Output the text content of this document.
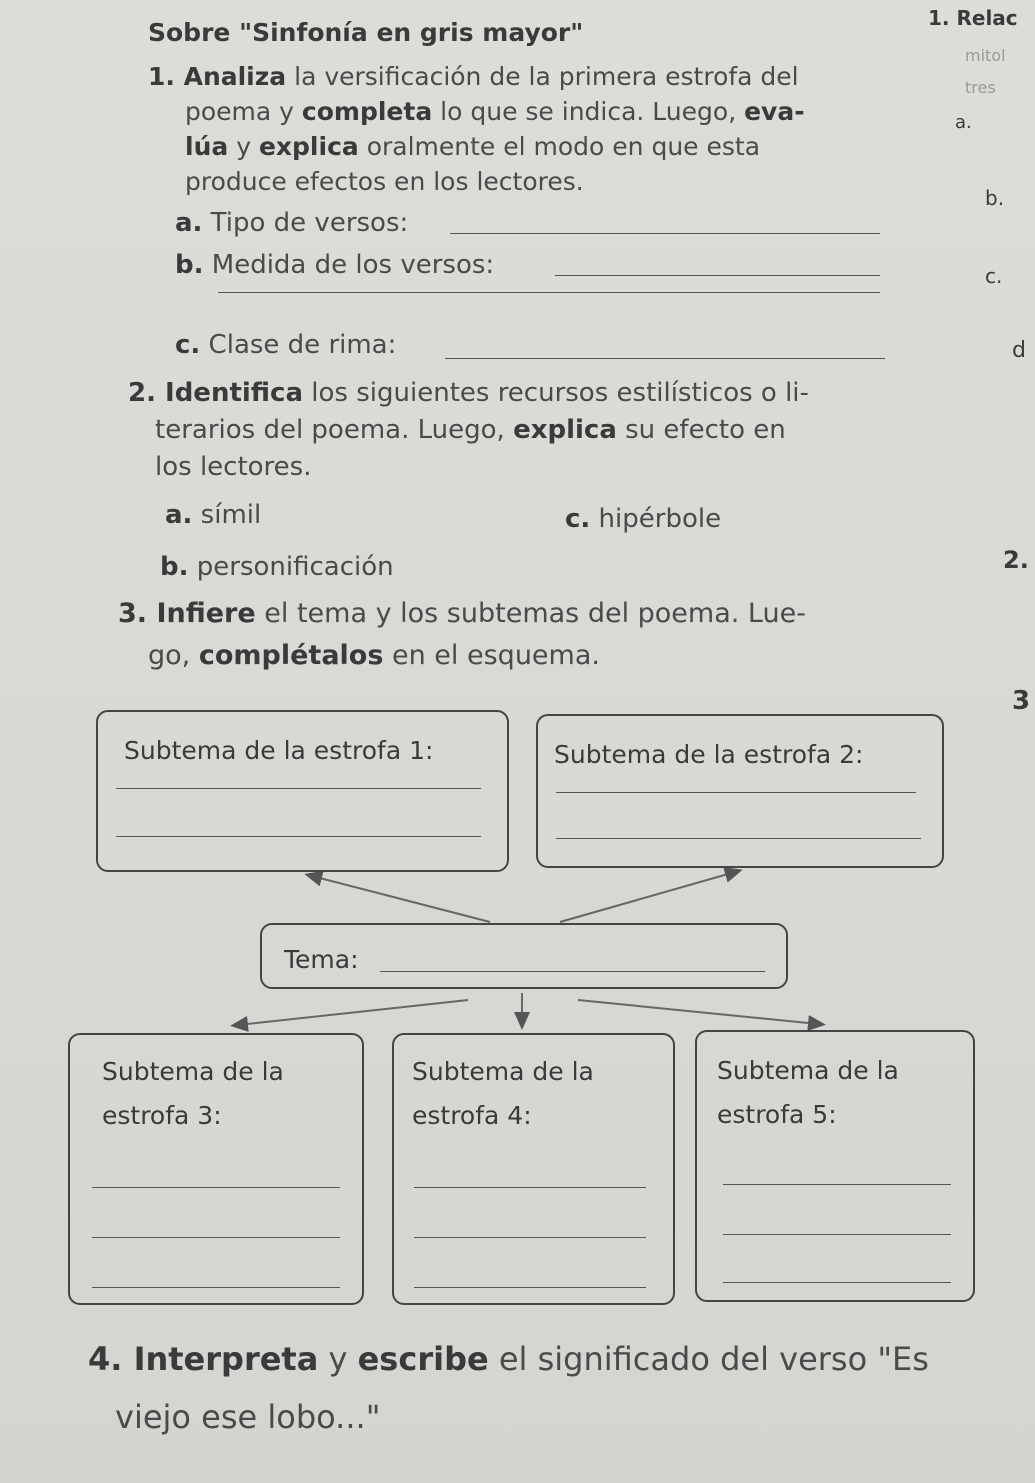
Sobre "Sinfonía en gris mayor"
1. Analiza la versificación de la primera estrofa del
poema y completa lo que se indica. Luego, eva-
lúa y explica oralmente el modo en que esta
produce efectos en los lectores.
a. Tipo de versos:
b. Medida de los versos:
c. Clase de rima:
2. Identifica los siguientes recursos estilísticos o li-
terarios del poema. Luego, explica su efecto en
los lectores.
a. símil	c. hipérbole
b. personificación
3. Infiere el tema y los subtemas del poema. Lue-
go, complétalos en el esquema.
Subtema de la estrofa 1:	Subtema de la estrofa 2:
Tema:
Subtema de la
estrofa 3:
Subtema de la
estrofa 4:
Subtema de la
estrofa 5:
4. Interpreta y escribe el significado del verso "Es
viejo ese lobo..."
1. Relac
mitol
tres
a.
b.
c.
d
2.
3
